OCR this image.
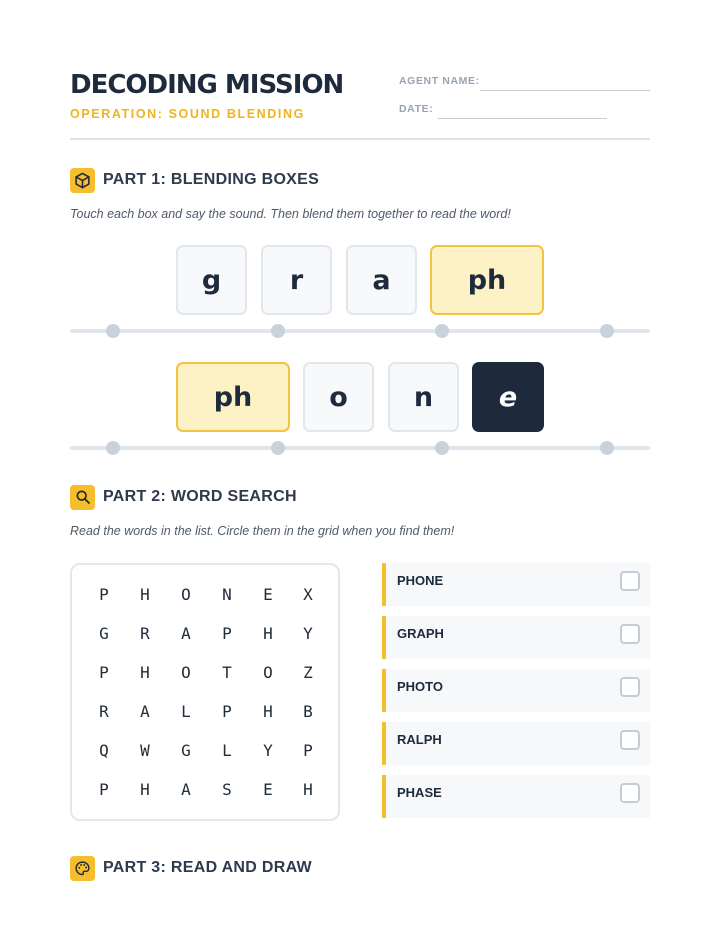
DECODING MISSION
OPERATION: SOUND BLENDING
AGENT NAME:
DATE:
PART 1: BLENDING BOXES
Touch each box and say the sound. Then blend them together to read the word!
g	r	a	ph
ph	o	n	e
PART 2: WORD SEARCH
Read the words in the list. Circle them in the grid when you find them!
P	H	O	N	E	X
G	R	A	P	H	Y
P	H	O	T	O	Z
R	A	L	P	H	B
Q	W	G	L	Y	P
P	H	A	S	E	H
PHONE
GRAPH
PHOTO
RALPH
PHASE
PART 3: READ AND DRAW
